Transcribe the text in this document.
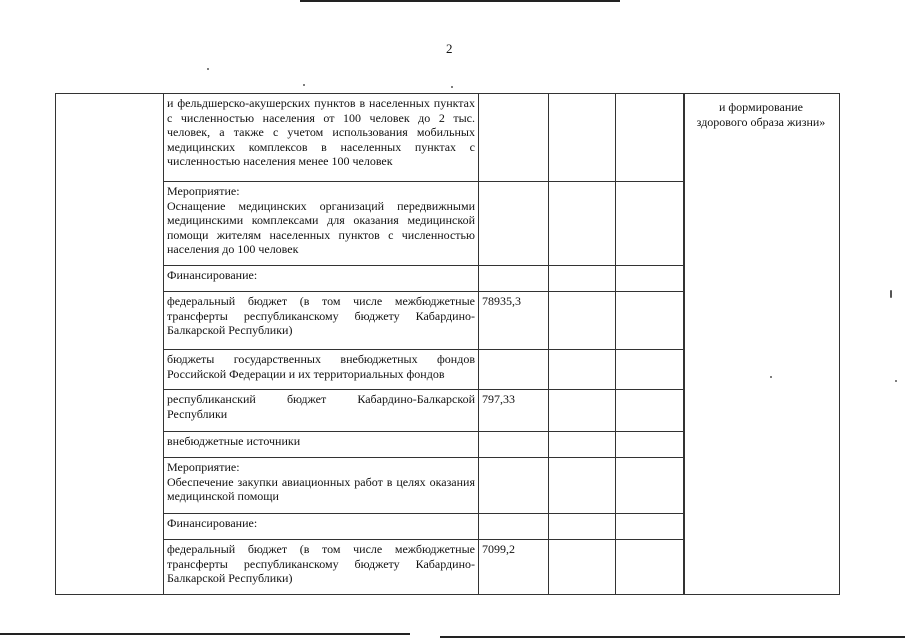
2
и фельдшерско-акушерских пунктов в населенных пунктах с численностью населения от 100 человек до 2 тыс. человек, а также с учетом использования мобильных медицинских комплексов в населенных пунктах с численностью населения менее 100 человек			
Мероприятие:
Оснащение медицинских организаций передвижными медицинскими комплексами для оказания медицинской помощи жителям населенных пунктов с численностью населения до 100 человек			
Финансирование:			
федеральный бюджет (в том числе межбюджетные трансферты республиканскому бюджету Кабардино-Балкарской Республики)	78935,3		
бюджеты государственных внебюджетных фондов Российской Федерации и их территориальных фондов			
республиканский бюджет Кабардино-Балкарской Республики	797,33		
внебюджетные источники			
Мероприятие:
Обеспечение закупки авиационных работ в целях оказания медицинской помощи			
Финансирование:			
федеральный бюджет (в том числе межбюджетные трансферты республиканскому бюджету Кабардино-Балкарской Республики)	7099,2		
и формирование
здорового образа жизни»
